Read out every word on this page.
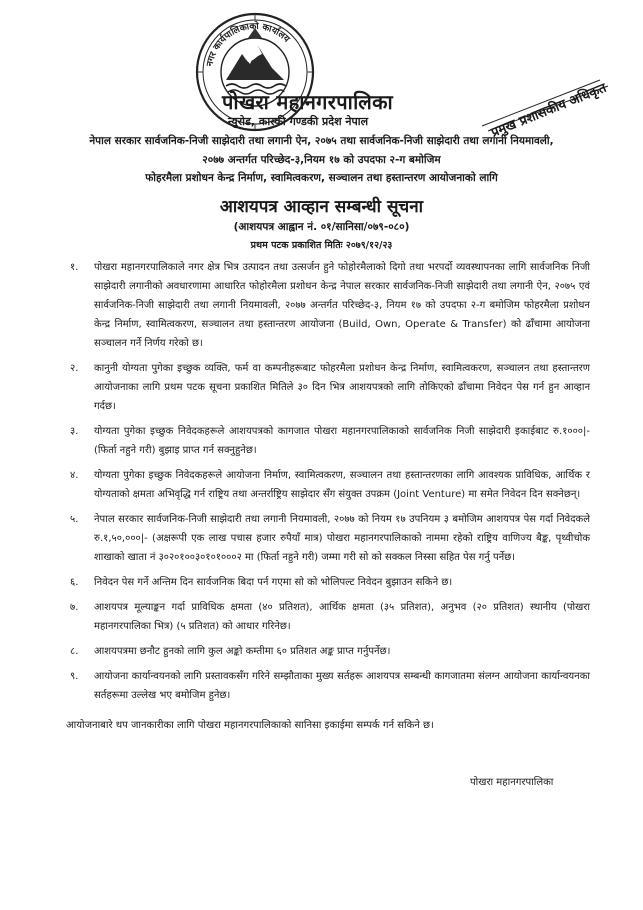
नगर कार्यपालिकाको कार्यालय
पोखरा महानगरपालिका
न्युरोड, कास्की गण्डकी प्रदेश नेपाल	प्रमुख प्रशासकीय अधिकृत
नेपाल सरकार सार्वजनिक-निजी साझेदारी तथा लगानी ऐन, २०७५ तथा सार्वजनिक-निजी साझेदारी तथा लगानी नियमावली,
२०७७ अन्तर्गत परिच्छेद-३,नियम १७ को उपदफा २-ग बमोजिम
फोहरमैला प्रशोधन केन्द्र निर्माण, स्वामित्वकरण, सञ्चालन तथा हस्तान्तरण आयोजनाको लागि
आशयपत्र आव्हान सम्बन्धी सूचना
(आशयपत्र आह्वान नं. ०१/सानिसा/०७९-०८०)
प्रथम पटक प्रकाशित मितिः २०७९/१२/२३
१. पोखरा महानगरपालिकाले नगर क्षेत्र भित्र उत्पादन तथा उत्सर्जन हुने फोहोरमैलाको दिगो तथा भरपर्दो व्यवस्थापनका लागि सार्वजनिक निजी साझेदारी लगानीको अवधारणामा आधारित फोहोरमैला प्रशोधन केन्द्र नेपाल सरकार सार्वजनिक-निजी साझेदारी तथा लगानी ऐन, २०७५ एवं सार्वजनिक-निजी साझेदारी तथा लगानी नियमावली, २०७७ अन्तर्गत परिच्छेद-३, नियम १७ को उपदफा २-ग बमोजिम फोहरमैला प्रशोधन केन्द्र निर्माण, स्वामित्वकरण, सञ्चालन तथा हस्तान्तरण आयोजना (Build, Own, Operate & Transfer) को ढाँचामा आयोजना सञ्चालन गर्ने निर्णय गरेको छ।
२. कानुनी योग्यता पुगेका इच्छुक व्यक्ति, फर्म वा कम्पनीहरूबाट फोहरमैला प्रशोधन केन्द्र निर्माण, स्वामित्वकरण, सञ्चालन तथा हस्तान्तरण आयोजनाका लागि प्रथम पटक सूचना प्रकाशित मितिले ३० दिन भित्र आशयपत्रको लागि तोकिएको ढाँचामा निवेदन पेस गर्न हुन आव्हान गर्दछ।
३. योग्यता पुगेका इच्छुक निवेदकहरूले आशयपत्रको कागजात पोखरा महानगरपालिकाको सार्वजनिक निजी साझेदारी इकाईबाट रु.१०००|- (फिर्ता नहुने गरी) बुझाइ प्राप्त गर्न सक्नुहुनेछ।
४. योग्यता पुगेका इच्छुक निवेदकहरूले आयोजना निर्माण, स्वामित्वकरण, सञ्चालन तथा हस्तान्तरणका लागि आवश्यक प्राविधिक, आर्थिक र योग्यताको क्षमता अभिवृद्धि गर्न राष्ट्रिय तथा अन्तर्राष्ट्रिय साझेदार सँग संयुक्त उपक्रम (Joint Venture) मा समेत निवेदन दिन सक्नेछन्।
५. नेपाल सरकार सार्वजनिक-निजी साझेदारी तथा लगानी नियमावली, २०७७ को नियम १७ उपनियम ३ बमोजिम आशयपत्र पेस गर्दा निवेदकले रु.१,५०,०००|- (अक्षरूपी एक लाख पचास हजार रुपैयाँ मात्र) पोखरा महानगरपालिकाको नाममा रहेको राष्ट्रिय वाणिज्य बैङ्क, पृथ्वीचोक शाखाको खाता नं ३०२०१००३०१०१०००२ मा (फिर्ता नहुने गरी) जम्मा गरी सो को सक्कल निस्सा सहित पेस गर्नु पर्नेछ।
६. निवेदन पेस गर्ने अन्तिम दिन सार्वजनिक बिदा पर्न गएमा सो को भोलिपल्ट निवेदन बुझाउन सकिने छ।
७. आशयपत्र मूल्याङ्कन गर्दा प्राविधिक क्षमता (४० प्रतिशत), आर्थिक क्षमता (३५ प्रतिशत), अनुभव (२० प्रतिशत) स्थानीय (पोखरा महानगरपालिका भित्र) (५ प्रतिशत) को आधार गरिनेछ।
८. आशयपत्रमा छनौट हुनको लागि कुल अङ्को कम्तीमा ६० प्रतिशत अङ्क प्राप्त गर्नुपर्नेछ।
९. आयोजना कार्यान्वयनको लागि प्रस्तावकसँग गरिने सम्झौताका मुख्य सर्तहरू आशयपत्र सम्बन्धी कागजातमा संलग्न आयोजना कार्यान्वयनका सर्तहरूमा उल्लेख भए बमोजिम हुनेछ।
आयोजनाबारे थप जानकारीका लागि पोखरा महानगरपालिकाको सानिसा इकाईमा सम्पर्क गर्न सकिने छ।
पोखरा महानगरपालिका
